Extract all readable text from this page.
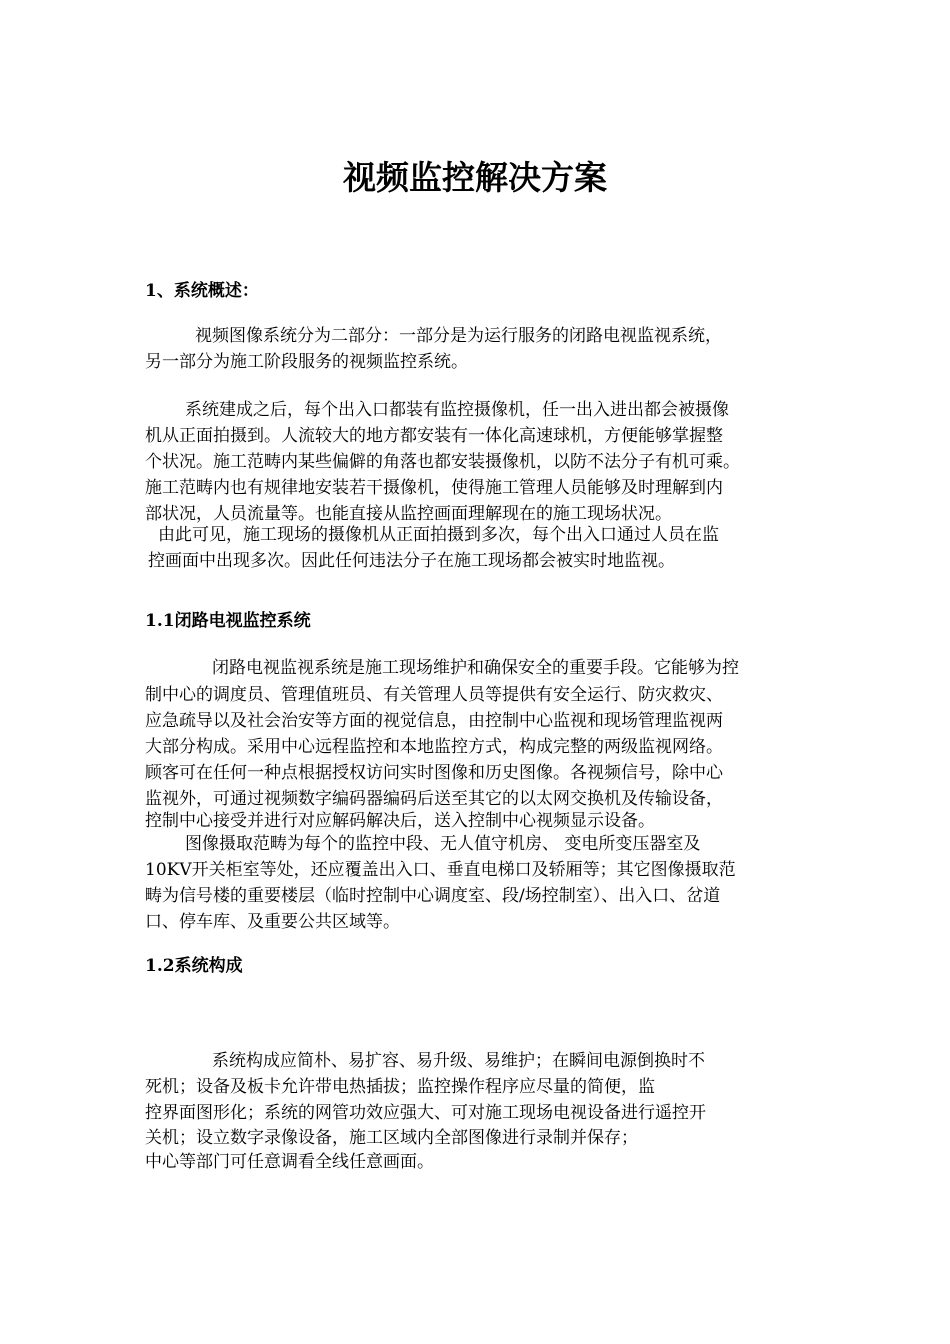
视频监控解决方案
1、系统概述：
视频图像系统分为二部分：一部分是为运行服务的闭路电视监视系统，
另一部分为施工阶段服务的视频监控系统。
系统建成之后，每个出入口都装有监控摄像机，任一出入进出都会被摄像
机从正面拍摄到。人流较大的地方都安装有一体化高速球机，方便能够掌握整
个状况。施工范畴内某些偏僻的角落也都安装摄像机，以防不法分子有机可乘。
施工范畴内也有规律地安装若干摄像机，使得施工管理人员能够及时理解到内
部状况，人员流量等。也能直接从监控画面理解现在的施工现场状况。
由此可见，施工现场的摄像机从正面拍摄到多次，每个出入口通过人员在监
控画面中出现多次。因此任何违法分子在施工现场都会被实时地监视。
1.1闭路电视监控系统
闭路电视监视系统是施工现场维护和确保安全的重要手段。它能够为控
制中心的调度员、管理值班员、有关管理人员等提供有安全运行、防灾救灾、
应急疏导以及社会治安等方面的视觉信息，由控制中心监视和现场管理监视两
大部分构成。采用中心远程监控和本地监控方式，构成完整的两级监视网络。
顾客可在任何一种点根据授权访问实时图像和历史图像。各视频信号，除中心
监视外，可通过视频数字编码器编码后送至其它的以太网交换机及传输设备，
控制中心接受并进行对应解码解决后，送入控制中心视频显示设备。
图像摄取范畴为每个的监控中段、无人值守机房、 变电所变压器室及
10KV开关柜室等处，还应覆盖出入口、垂直电梯口及轿厢等；其它图像摄取范
畴为信号楼的重要楼层（临时控制中心调度室、段/场控制室）、出入口、岔道
口、停车库、及重要公共区域等。
1.2系统构成
系统构成应简朴、易扩容、易升级、易维护；在瞬间电源倒换时不
死机；设备及板卡允许带电热插拔；监控操作程序应尽量的简便，监
控界面图形化；系统的网管功效应强大、可对施工现场电视设备进行遥控开
关机；设立数字录像设备，施工区域内全部图像进行录制并保存；
中心等部门可任意调看全线任意画面。
